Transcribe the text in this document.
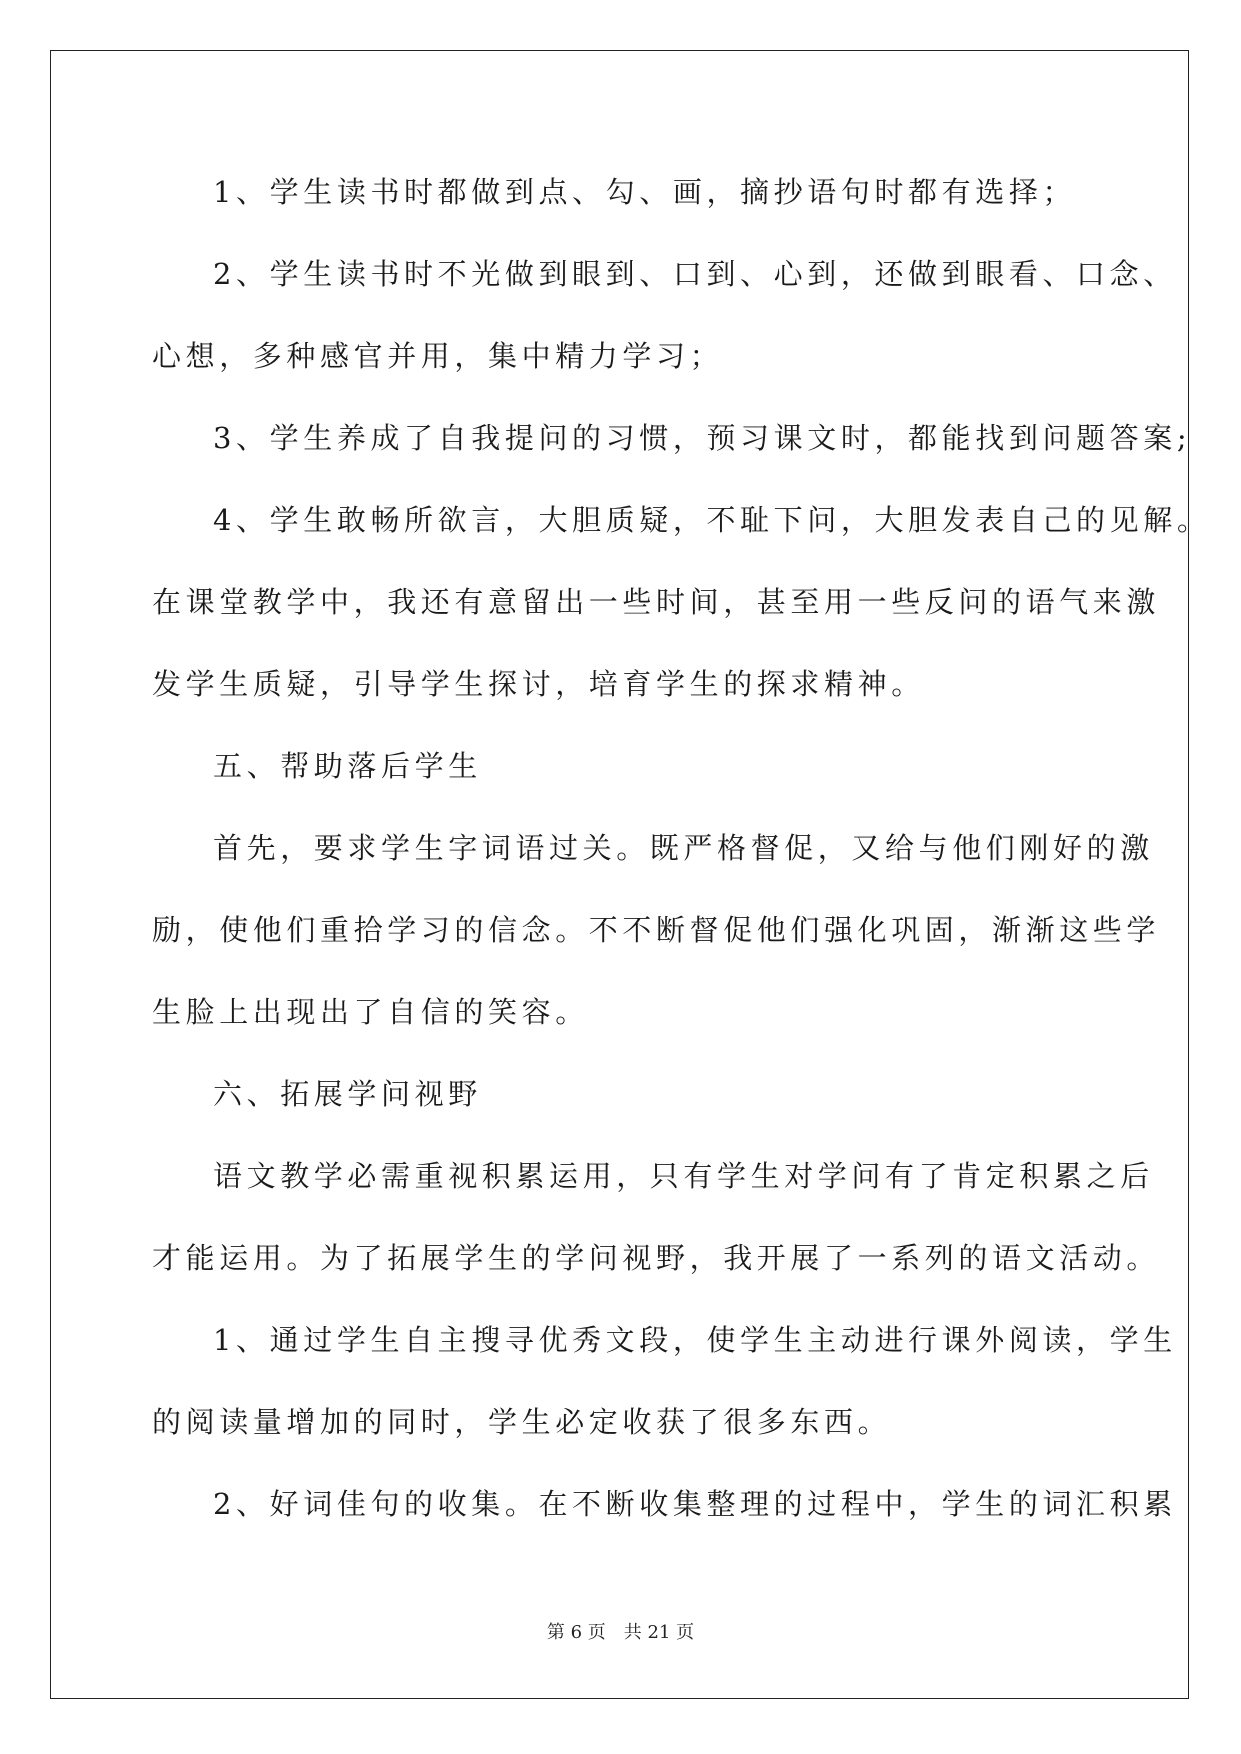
1、学生读书时都做到点、勾、画，摘抄语句时都有选择；
2、学生读书时不光做到眼到、口到、心到，还做到眼看、口念、
心想，多种感官并用，集中精力学习；
3、学生养成了自我提问的习惯，预习课文时，都能找到问题答案;
4、学生敢畅所欲言，大胆质疑，不耻下问，大胆发表自己的见解。
在课堂教学中，我还有意留出一些时间，甚至用一些反问的语气来激
发学生质疑，引导学生探讨，培育学生的探求精神。
五、帮助落后学生
首先，要求学生字词语过关。既严格督促，又给与他们刚好的激
励，使他们重拾学习的信念。不不断督促他们强化巩固，渐渐这些学
生脸上出现出了自信的笑容。
六、拓展学问视野
语文教学必需重视积累运用，只有学生对学问有了肯定积累之后
才能运用。为了拓展学生的学问视野，我开展了一系列的语文活动。
1、通过学生自主搜寻优秀文段，使学生主动进行课外阅读，学生
的阅读量增加的同时，学生必定收获了很多东西。
2、好词佳句的收集。在不断收集整理的过程中，学生的词汇积累
第 6 页　共 21 页
